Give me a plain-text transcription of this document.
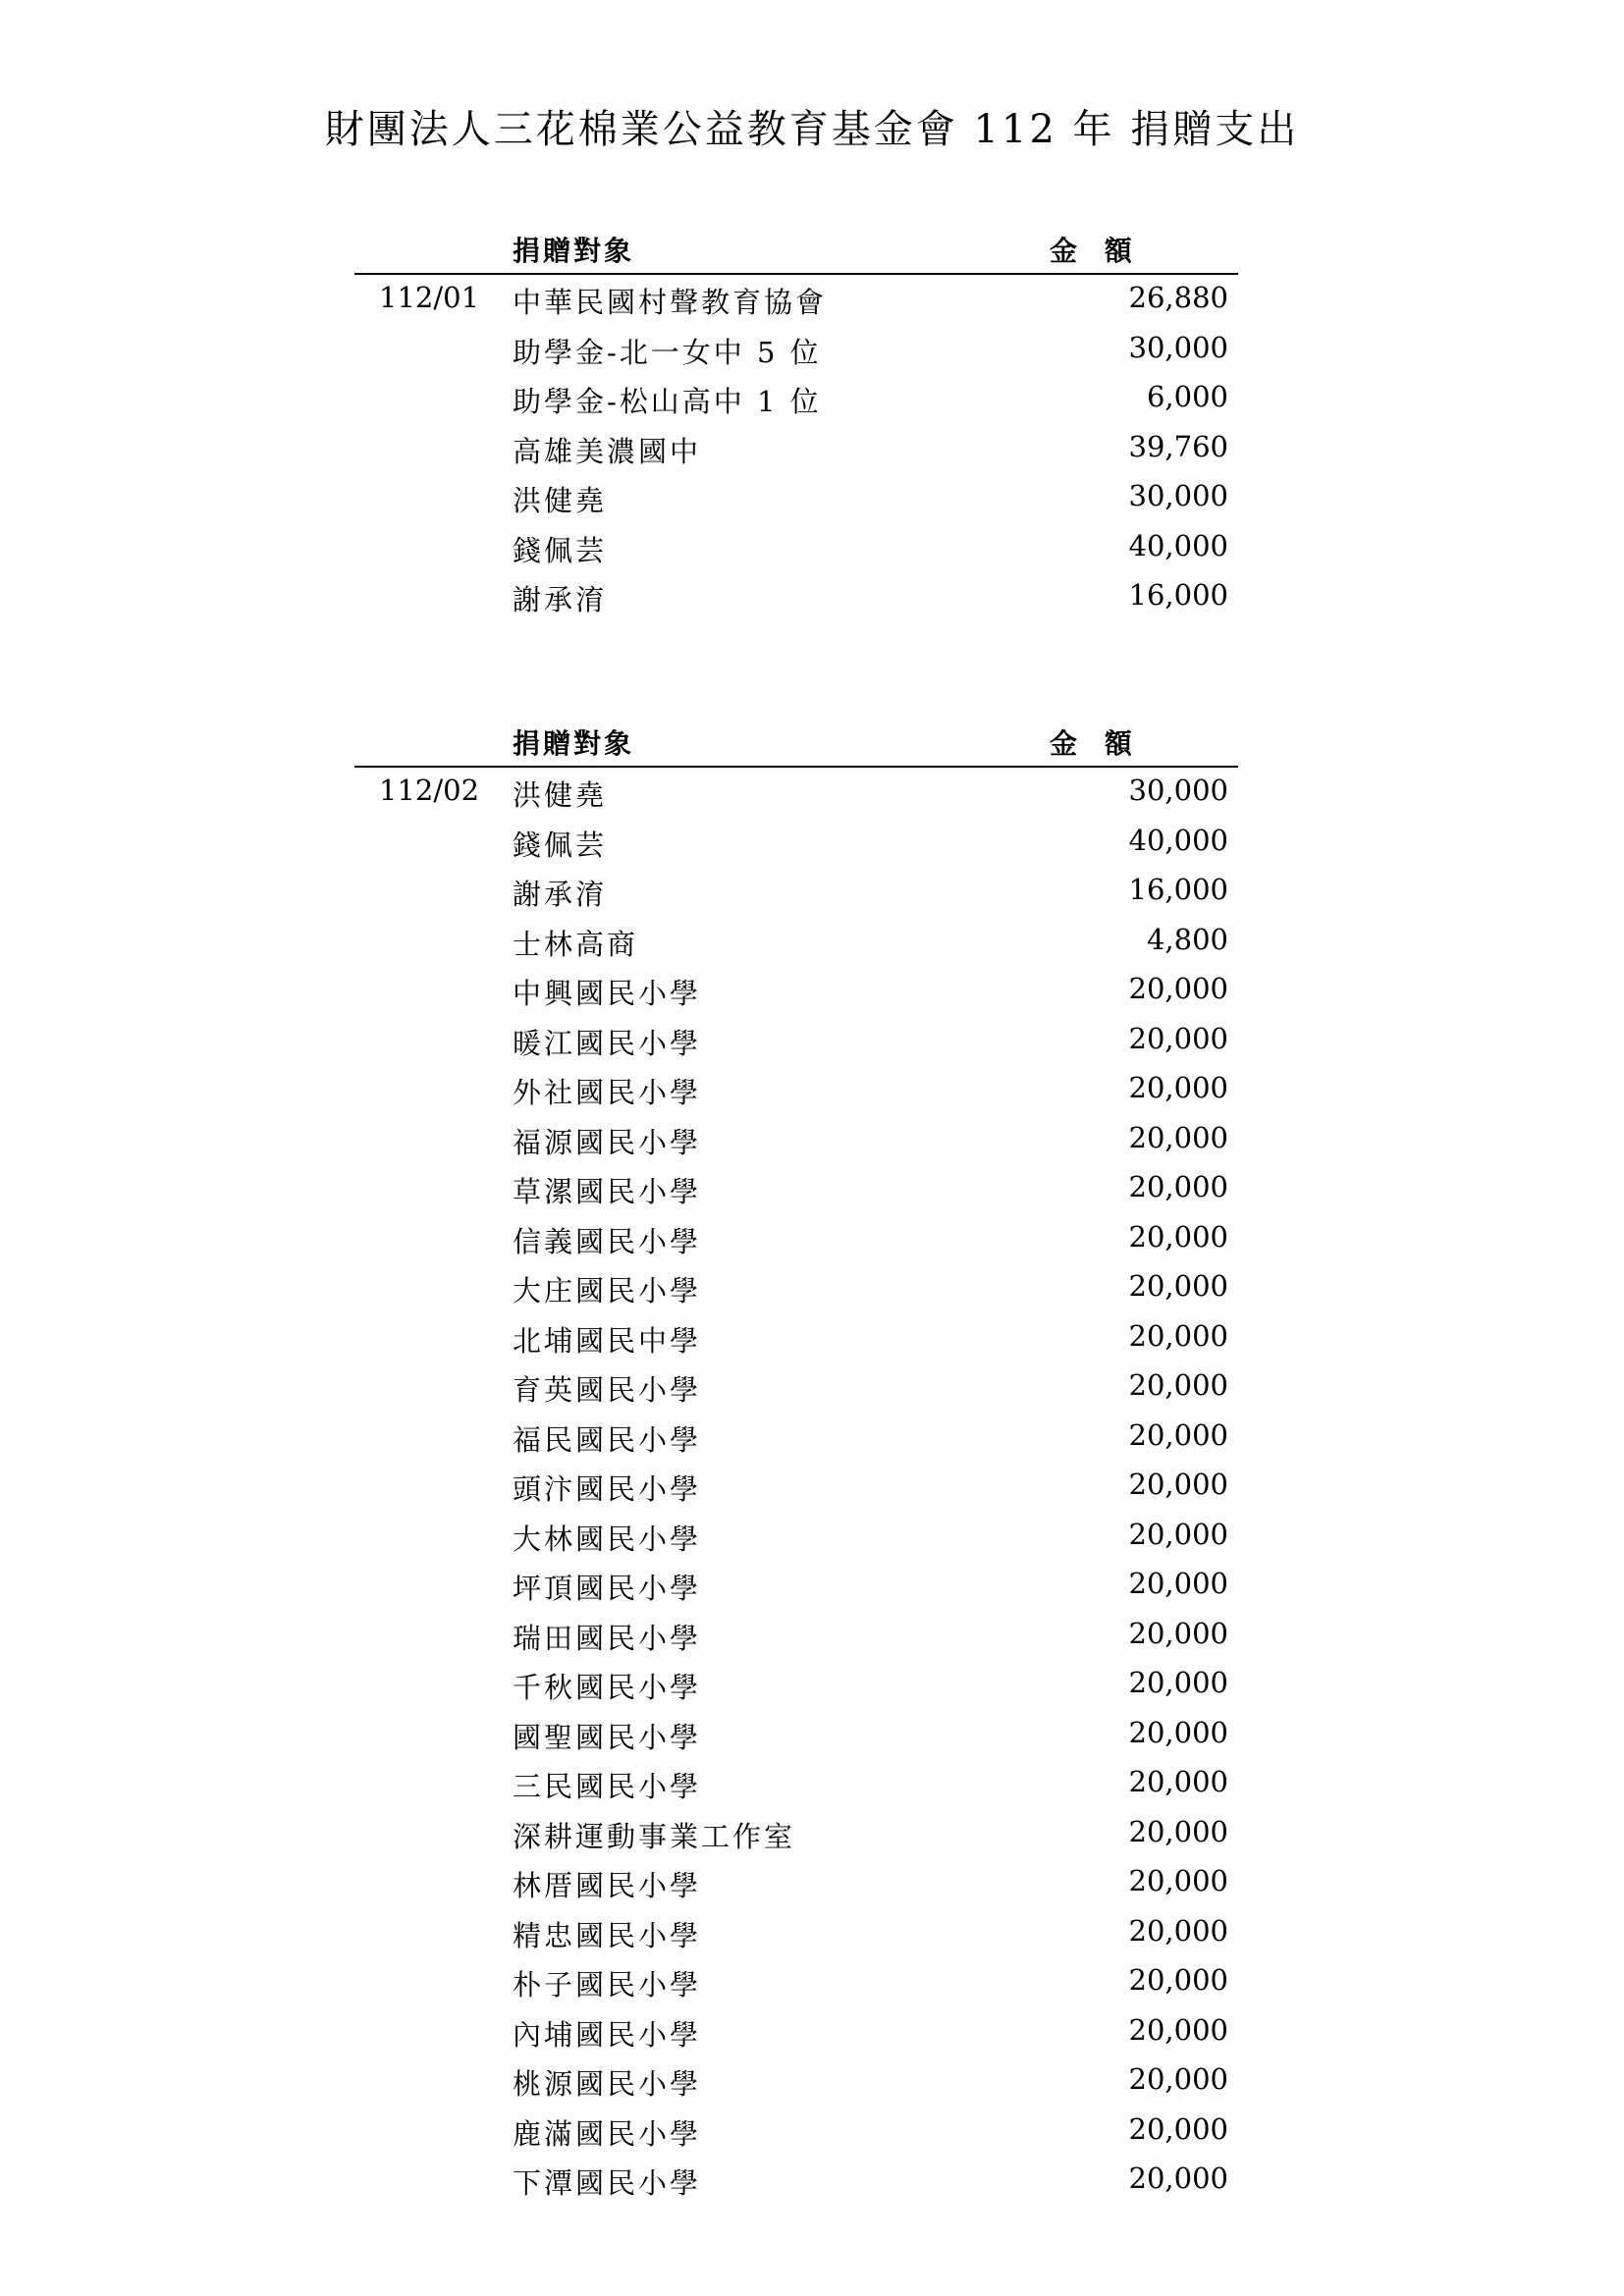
財團法人三花棉業公益教育基金會 112 年 捐贈支出
捐贈對象	金 額
112/01 中華民國村聲教育協會	26,880
助學金-北一女中 5 位	30,000
助學金-松山高中 1 位	6,000
高雄美濃國中	39,760
洪健堯	30,000
錢佩芸	40,000
謝承淯	16,000
捐贈對象	金 額
112/02 洪健堯	30,000
錢佩芸	40,000
謝承淯	16,000
士林高商	4,800
中興國民小學	20,000
暖江國民小學	20,000
外社國民小學	20,000
福源國民小學	20,000
草漯國民小學	20,000
信義國民小學	20,000
大庄國民小學	20,000
北埔國民中學	20,000
育英國民小學	20,000
福民國民小學	20,000
頭汴國民小學	20,000
大林國民小學	20,000
坪頂國民小學	20,000
瑞田國民小學	20,000
千秋國民小學	20,000
國聖國民小學	20,000
三民國民小學	20,000
深耕運動事業工作室	20,000
林厝國民小學	20,000
精忠國民小學	20,000
朴子國民小學	20,000
內埔國民小學	20,000
桃源國民小學	20,000
鹿滿國民小學	20,000
下潭國民小學	20,000
